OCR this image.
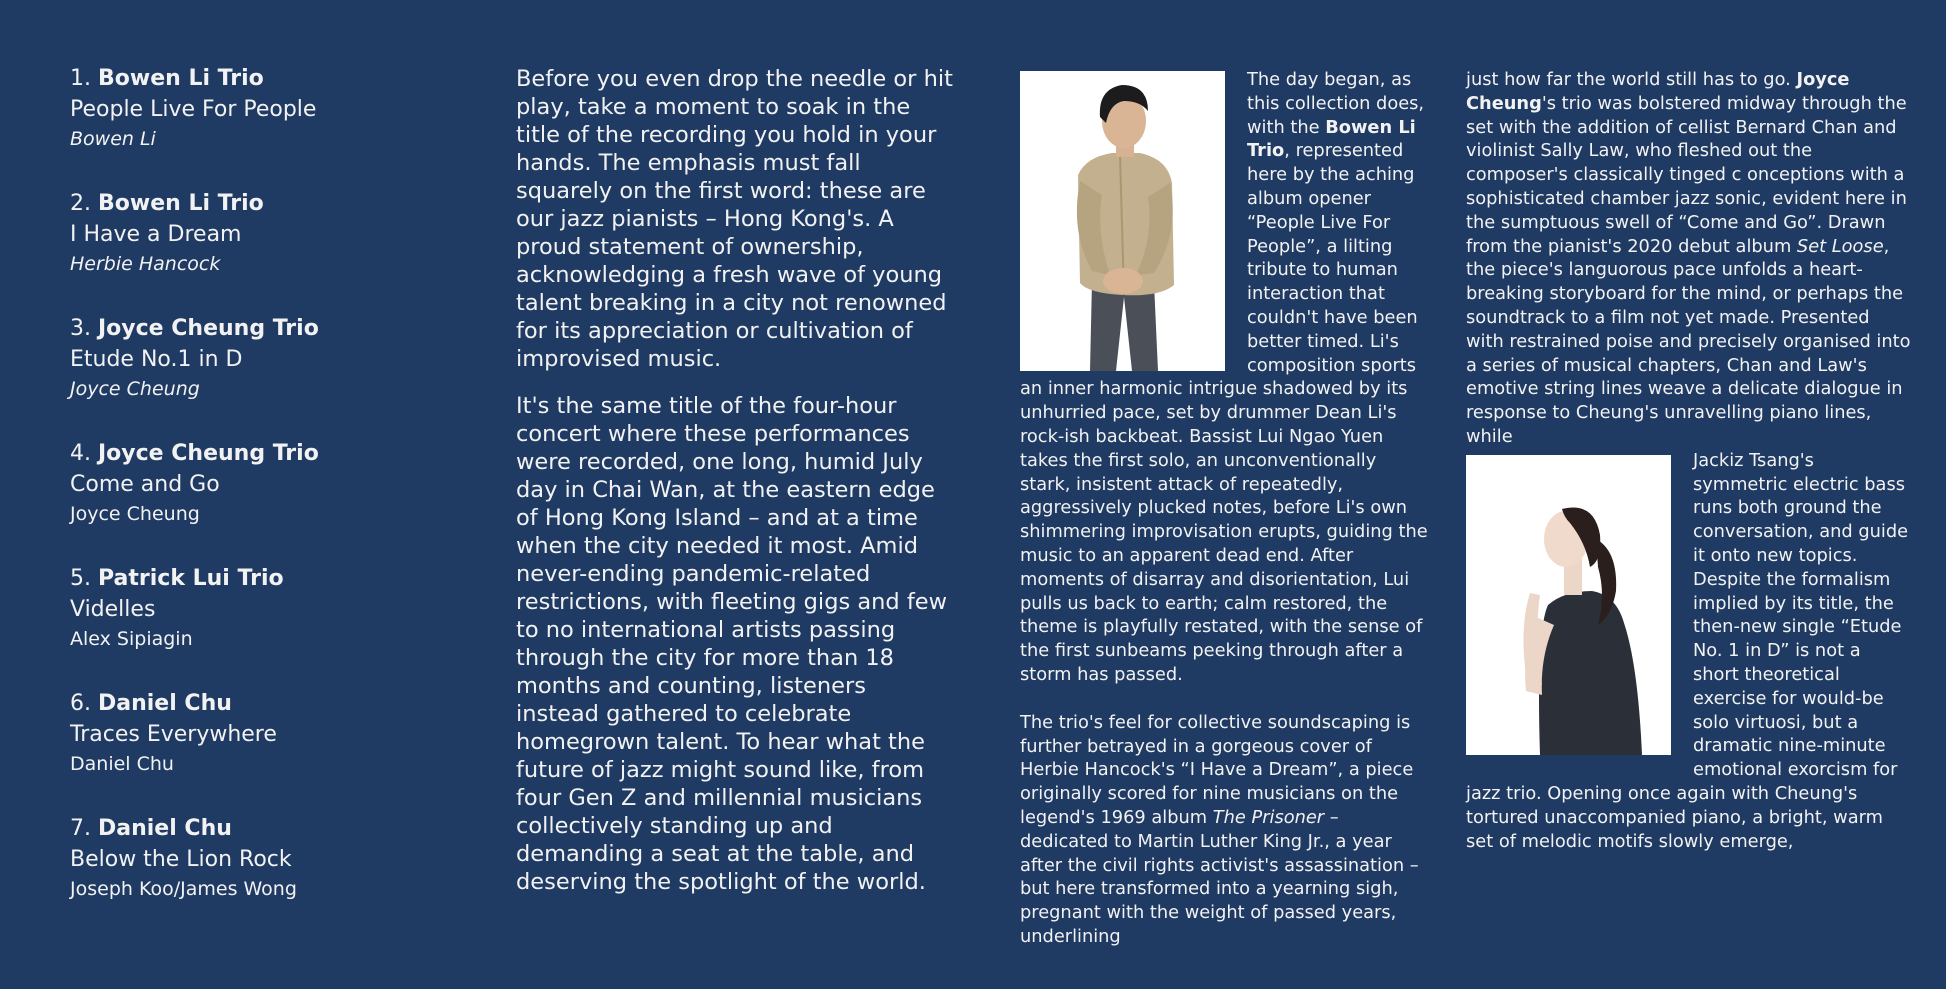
1. Bowen Li Trio
People Live For People
Bowen Li
2. Bowen Li Trio
I Have a Dream
Herbie Hancock
3. Joyce Cheung Trio
Etude No.1 in D
Joyce Cheung
4. Joyce Cheung Trio
Come and Go
Joyce Cheung
5. Patrick Lui Trio
Videlles
Alex Sipiagin
6. Daniel Chu
Traces Everywhere
Daniel Chu
7. Daniel Chu
Below the Lion Rock
Joseph Koo/James Wong

Before you even drop the needle or hit play, take a moment to soak in the title of the recording you hold in your hands. The emphasis must fall squarely on the first word: these are our jazz pianists – Hong Kong's. A proud statement of ownership, acknowledging a fresh wave of young talent breaking in a city not renowned for its appreciation or cultivation of improvised music.

It's the same title of the four-hour concert where these performances were recorded, one long, humid July day in Chai Wan, at the eastern edge of Hong Kong Island – and at a time when the city needed it most. Amid never-ending pandemic-related restrictions, with fleeting gigs and few to no international artists passing through the city for more than 18 months and counting, listeners instead gathered to celebrate homegrown talent. To hear what the future of jazz might sound like, from four Gen Z and millennial musicians collectively standing up and demanding a seat at the table, and deserving the spotlight of the world.

The day began, as this collection does, with the Bowen Li Trio, represented here by the aching album opener “People Live For People”, a lilting tribute to human interaction that couldn't have been better timed. Li's composition sports an inner harmonic intrigue shadowed by its unhurried pace, set by drummer Dean Li's rock-ish backbeat. Bassist Lui Ngao Yuen takes the first solo, an unconventionally stark, insistent attack of repeatedly, aggressively plucked notes, before Li's own shimmering improvisation erupts, guiding the music to an apparent dead end. After moments of disarray and disorientation, Lui pulls us back to earth; calm restored, the theme is playfully restated, with the sense of the first sunbeams peeking through after a storm has passed.

The trio's feel for collective soundscaping is further betrayed in a gorgeous cover of Herbie Hancock's “I Have a Dream”, a piece originally scored for nine musicians on the legend's 1969 album The Prisoner – dedicated to Martin Luther King Jr., a year after the civil rights activist's assassination – but here transformed into a yearning sigh, pregnant with the weight of passed years, underlining

just how far the world still has to go. Joyce Cheung's trio was bolstered midway through the set with the addition of cellist Bernard Chan and violinist Sally Law, who fleshed out the composer's classically tinged c onceptions with a sophisticated chamber jazz sonic, evident here in the sumptuous swell of “Come and Go”. Drawn from the pianist's 2020 debut album Set Loose, the piece's languorous pace unfolds a heart-breaking storyboard for the mind, or perhaps the soundtrack to a film not yet made. Presented with restrained poise and precisely organised into a series of musical chapters, Chan and Law's emotive string lines weave a delicate dialogue in response to Cheung's unravelling piano lines, while

Jackiz Tsang's symmetric electric bass runs both ground the conversation, and guide it onto new topics. Despite the formalism implied by its title, the then-new single “Etude No. 1 in D” is not a short theoretical exercise for would-be solo virtuosi, but a dramatic nine-minute emotional exorcism for jazz trio. Opening once again with Cheung's tortured unaccompanied piano, a bright, warm set of melodic motifs slowly emerge,
